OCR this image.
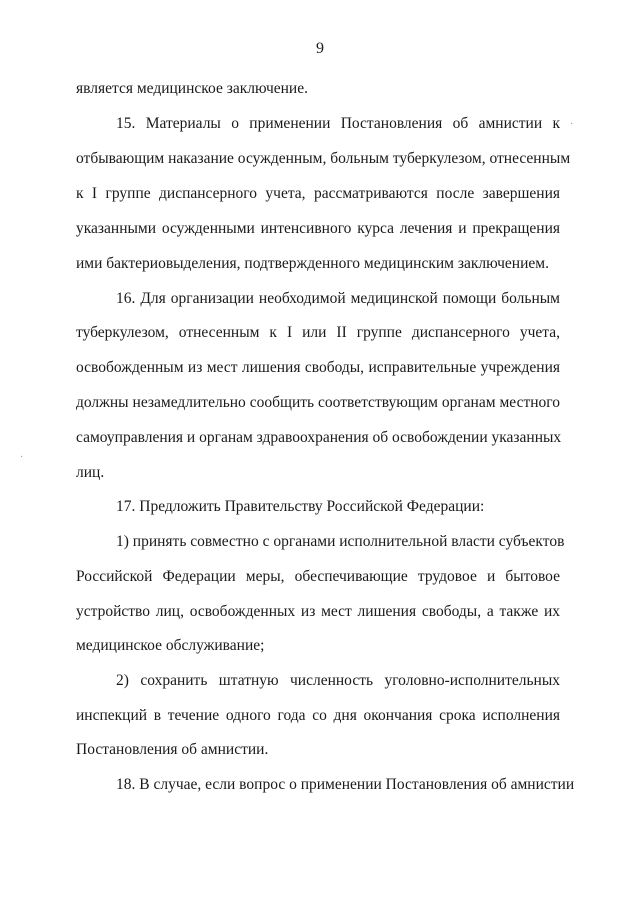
9
является медицинское заключение.
15. Материалы о применении Постановления об амнистии к
отбывающим наказание осужденным, больным туберкулезом, отнесенным
к I группе диспансерного учета, рассматриваются после завершения
указанными осужденными интенсивного курса лечения и прекращения
ими бактериовыделения, подтвержденного медицинским заключением.
16. Для организации необходимой медицинской помощи больным
туберкулезом, отнесенным к I или II группе диспансерного учета,
освобожденным из мест лишения свободы, исправительные учреждения
должны незамедлительно сообщить соответствующим органам местного
самоуправления и органам здравоохранения об освобождении указанных
лиц.
17. Предложить Правительству Российской Федерации:
1) принять совместно с органами исполнительной власти субъектов
Российской Федерации меры, обеспечивающие трудовое и бытовое
устройство лиц, освобожденных из мест лишения свободы, а также их
медицинское обслуживание;
2) сохранить штатную численность уголовно-исполнительных
инспекций в течение одного года со дня окончания срока исполнения
Постановления об амнистии.
18. В случае, если вопрос о применении Постановления об амнистии
·
·
